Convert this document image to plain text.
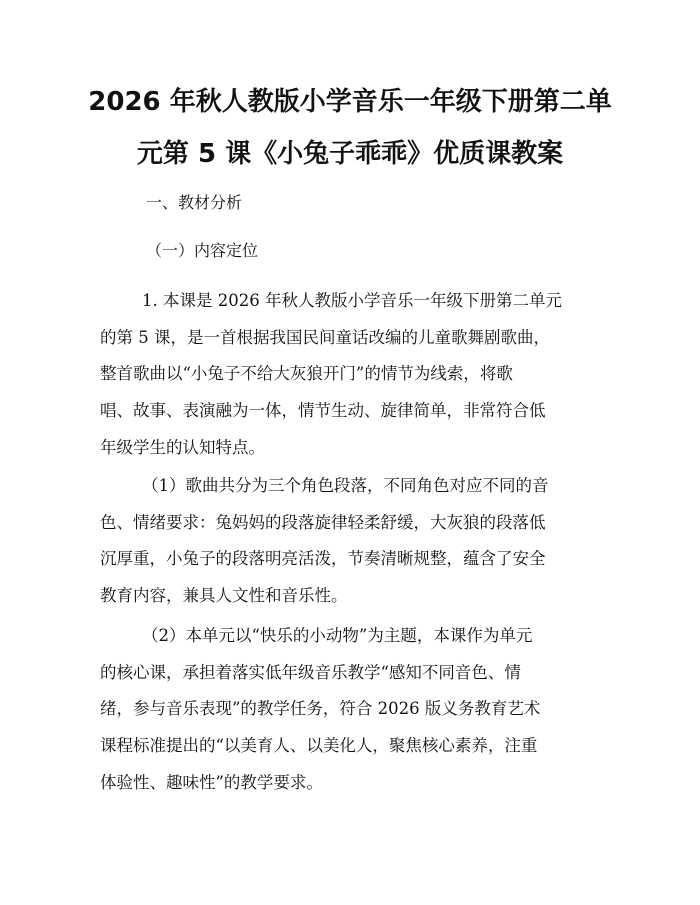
2026 年秋人教版小学音乐一年级下册第二单
元第 5 课《小兔子乖乖》优质课教案

一、教材分析

（一）内容定位

1. 本课是 2026 年秋人教版小学音乐一年级下册第二单元
的第 5 课，是一首根据我国民间童话改编的儿童歌舞剧歌曲，
整首歌曲以“小兔子不给大灰狼开门”的情节为线索，将歌
唱、故事、表演融为一体，情节生动、旋律简单，非常符合低
年级学生的认知特点。

（1）歌曲共分为三个角色段落，不同角色对应不同的音
色、情绪要求：兔妈妈的段落旋律轻柔舒缓，大灰狼的段落低
沉厚重，小兔子的段落明亮活泼，节奏清晰规整，蕴含了安全
教育内容，兼具人文性和音乐性。

（2）本单元以“快乐的小动物”为主题，本课作为单元
的核心课，承担着落实低年级音乐教学“感知不同音色、情
绪，参与音乐表现”的教学任务，符合 2026 版义务教育艺术
课程标准提出的“以美育人、以美化人，聚焦核心素养，注重
体验性、趣味性”的教学要求。
